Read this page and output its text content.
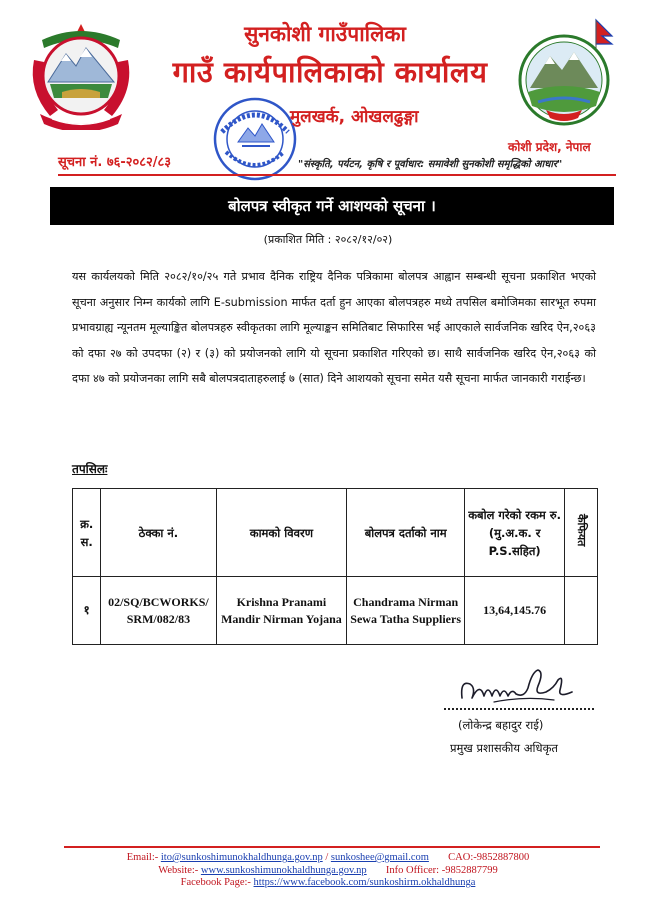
सुनकोशी गाउँपालिका
गाउँ कार्यपालिकाको कार्यालय
मुलखर्क, ओखलढुङ्गा
कोशी प्रदेश, नेपाल
सूचना नं. ७६-२०८२/८३	"संस्कृति, पर्यटन, कृषि र पूर्वाधार: समावेशी सुनकोशी समृद्धिको आधार"
बोलपत्र स्वीकृत गर्ने आशयको सूचना ।
(प्रकाशित मिति : २०८२/१२/०२)

यस कार्यलयको मिति २०८२/१०/२५ गते प्रभाव दैनिक राष्ट्रिय दैनिक पत्रिकामा बोलपत्र आह्वान सम्बन्धी सूचना प्रकाशित भएको सूचना अनुसार निम्न कार्यको लागि E-submission मार्फत दर्ता हुन आएका बोलपत्रहरु मध्ये तपसिल बमोजिमका सारभूत रुपमा प्रभावग्राह्य न्यूनतम मूल्याङ्कित बोलपत्रहरु स्वीकृतका लागि मूल्याङ्कन समितिबाट सिफारिस भई आएकाले सार्वजनिक खरिद ऐन,२०६३ को दफा २७ को उपदफा (२) र (३) को प्रयोजनको लागि यो सूचना प्रकाशित गरिएको छ। साथै सार्वजनिक खरिद ऐन,२०६३ को दफा ४७ को प्रयोजनका लागि सबै बोलपत्रदाताहरुलाई ७ (सात) दिने आशयको सूचना समेत यसै सूचना मार्फत जानकारी गराईन्छ।

तपसिलः
क्र. स.	ठेक्का नं.	कामको विवरण	बोलपत्र दर्ताको नाम	कबोल गरेको रकम रु. (मु.अ.क. र P.S.सहित)	कैफियत
१	02/SQ/BCWORKS/ SRM/082/83	Krishna Pranami Mandir Nirman Yojana	Chandrama Nirman Sewa Tatha Suppliers	13,64,145.76	
(लोकेन्द्र बहादुर राई)
प्रमुख प्रशासकीय अधिकृत
Email:- ito@sunkoshimunokhaldhunga.gov.np / sunkoshee@gmail.com CAO:-9852887800
Website:- www.sunkoshimunokhaldhunga.gov.np Info Officer: -9852887799
Facebook Page:- https://www.facebook.com/sunkoshirm.okhaldhunga
